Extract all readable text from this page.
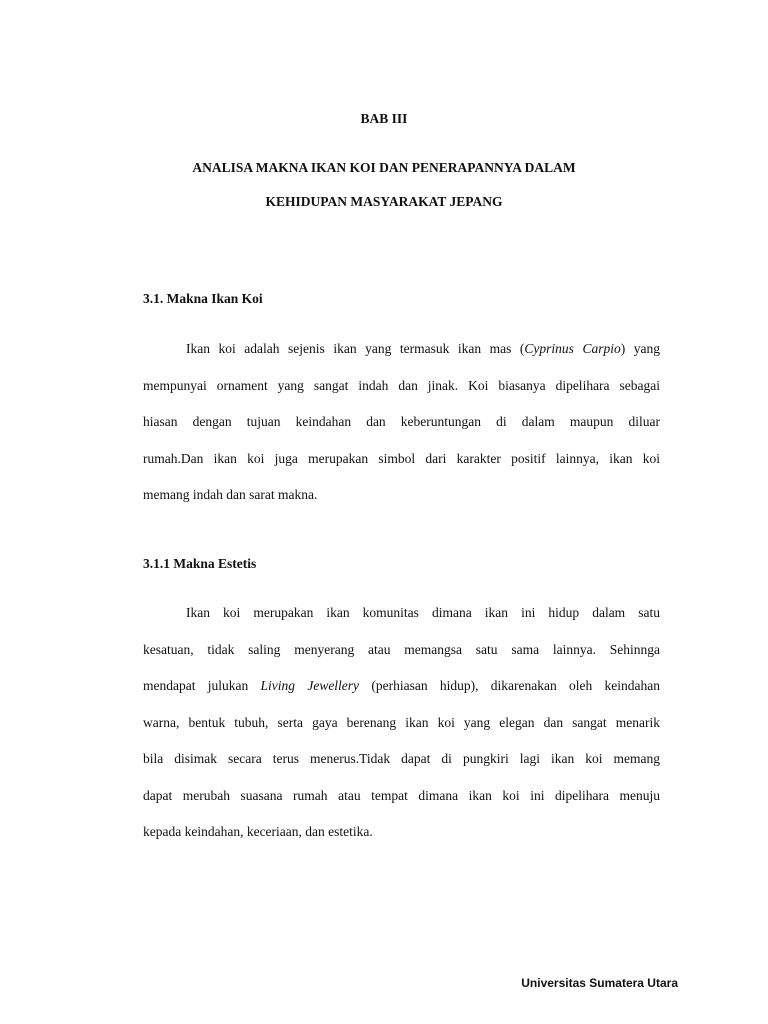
BAB III

ANALISA MAKNA IKAN KOI DAN PENERAPANNYA DALAM

KEHIDUPAN MASYARAKAT JEPANG

3.1. Makna Ikan Koi

Ikan koi adalah sejenis ikan yang termasuk ikan mas (Cyprinus Carpio) yang
mempunyai ornament yang sangat indah dan jinak. Koi biasanya dipelihara sebagai
hiasan dengan tujuan keindahan dan keberuntungan di dalam maupun diluar
rumah.Dan ikan koi juga merupakan simbol dari karakter positif lainnya, ikan koi
memang indah dan sarat makna.

3.1.1 Makna Estetis

Ikan koi merupakan ikan komunitas dimana ikan ini hidup dalam satu
kesatuan, tidak saling menyerang atau memangsa satu sama lainnya. Sehinnga
mendapat julukan Living Jewellery (perhiasan hidup), dikarenakan oleh keindahan
warna, bentuk tubuh, serta gaya berenang ikan koi yang elegan dan sangat menarik
bila disimak secara terus menerus.Tidak dapat di pungkiri lagi ikan koi memang
dapat merubah suasana rumah atau tempat dimana ikan koi ini dipelihara menuju
kepada keindahan, keceriaan, dan estetika.

Universitas Sumatera Utara
